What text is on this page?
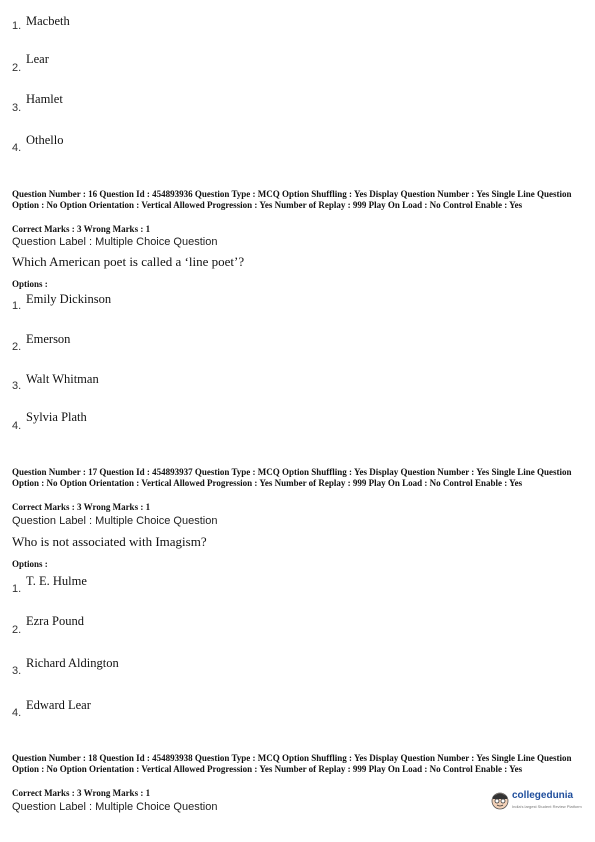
1. Macbeth
2.
Lear
3.
Hamlet
4.
Othello
Question Number : 16 Question Id : 454893936 Question Type : MCQ Option Shuffling : Yes Display Question Number : Yes Single Line Question Option : No Option Orientation : Vertical Allowed Progression : Yes Number of Replay : 999 Play On Load : No Control Enable : Yes
Correct Marks : 3 Wrong Marks : 1
Question Label : Multiple Choice Question
Which American poet is called a ‘line poet’?
Options :
1. Emily Dickinson
2.
Emerson
3. Walt Whitman
4.
Sylvia Plath
Question Number : 17 Question Id : 454893937 Question Type : MCQ Option Shuffling : Yes Display Question Number : Yes Single Line Question Option : No Option Orientation : Vertical Allowed Progression : Yes Number of Replay : 999 Play On Load : No Control Enable : Yes
Correct Marks : 3 Wrong Marks : 1
Question Label : Multiple Choice Question
Who is not associated with Imagism?
Options :
1.
T. E. Hulme
2.
Ezra Pound
3.
Richard Aldington
4.
Edward Lear
Question Number : 18 Question Id : 454893938 Question Type : MCQ Option Shuffling : Yes Display Question Number : Yes Single Line Question Option : No Option Orientation : Vertical Allowed Progression : Yes Number of Replay : 999 Play On Load : No Control Enable : Yes
Correct Marks : 3 Wrong Marks : 1
Question Label : Multiple Choice Question
collegedunia
India's largest Student Review Platform
